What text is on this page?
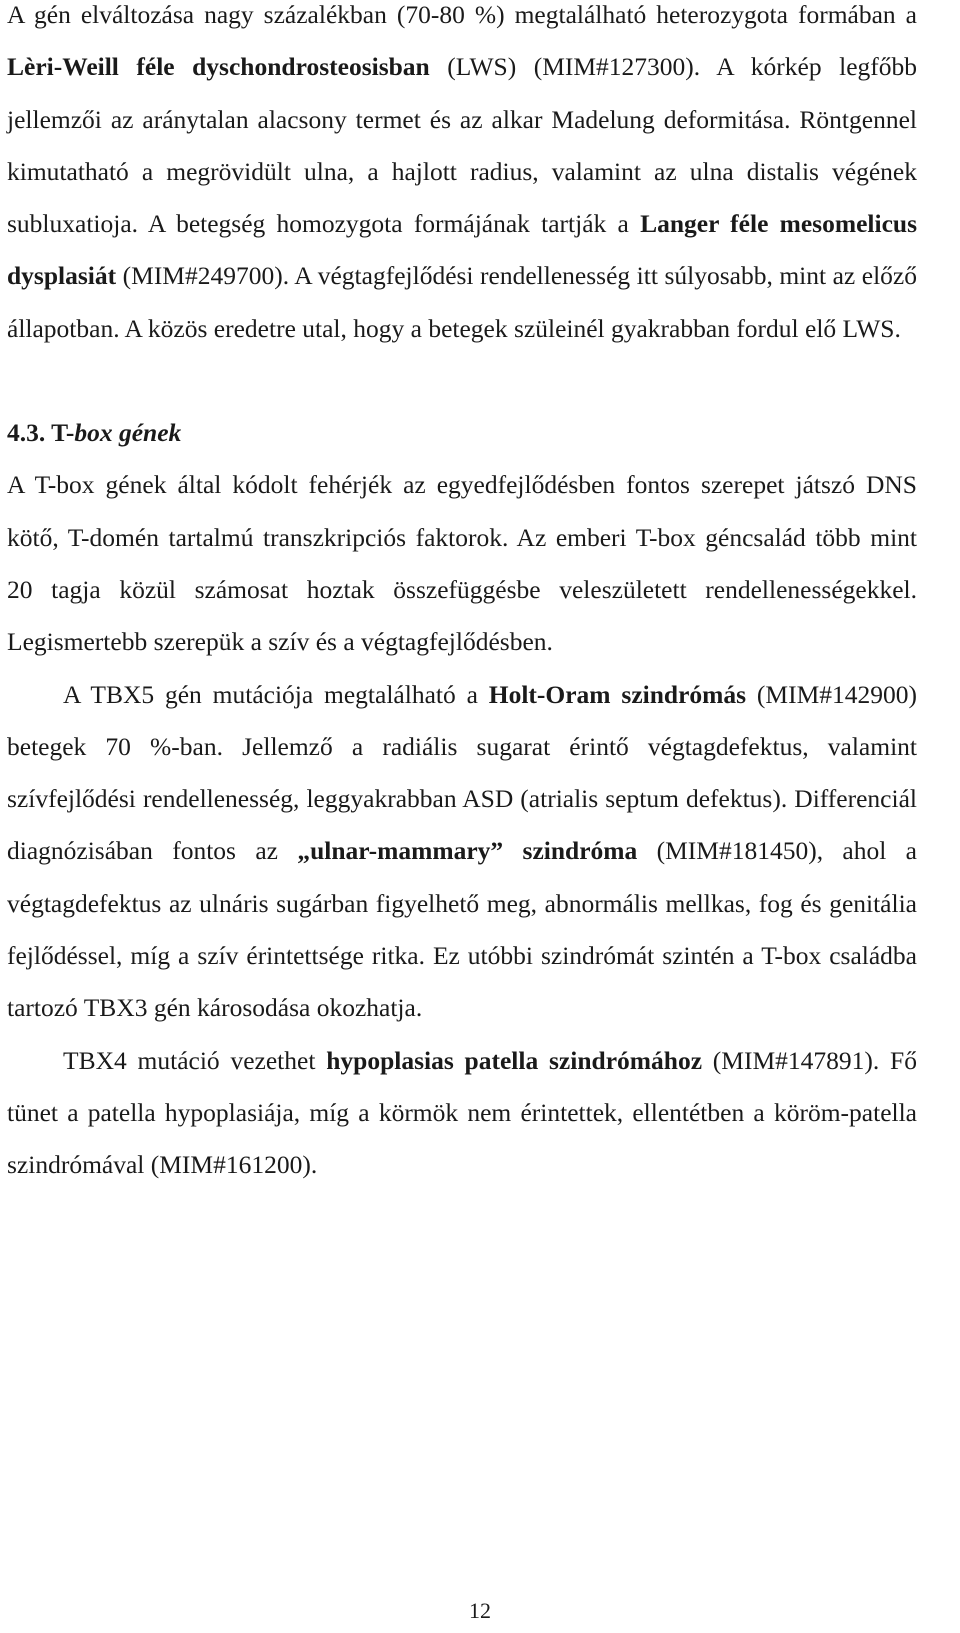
A gén elváltozása nagy százalékban (70-80 %) megtalálható heterozygota formában a Lèri-Weill féle dyschondrosteosisban (LWS) (MIM#127300). A kórkép legfőbb jellemzői az aránytalan alacsony termet és az alkar Madelung deformitása. Röntgennel kimutatható a megrövidült ulna, a hajlott radius, valamint az ulna distalis végének subluxatioja. A betegség homozygota formájának tartják a Langer féle mesomelicus dysplasiát (MIM#249700). A végtagfejlődési rendellenesség itt súlyosabb, mint az előző állapotban. A közös eredetre utal, hogy a betegek szüleinél gyakrabban fordul elő LWS.

4.3. T-box gének

A T-box gének által kódolt fehérjék az egyedfejlődésben fontos szerepet játszó DNS kötő, T-domén tartalmú transzkripciós faktorok. Az emberi T-box géncsalád több mint 20 tagja közül számosat hoztak összefüggésbe veleszületett rendellenességekkel. Legismertebb szerepük a szív és a végtagfejlődésben.

A TBX5 gén mutációja megtalálható a Holt-Oram szindrómás (MIM#142900) betegek 70 %-ban. Jellemző a radiális sugarat érintő végtagdefektus, valamint szívfejlődési rendellenesség, leggyakrabban ASD (atrialis septum defektus). Differenciál diagnózisában fontos az „ulnar-mammary” szindróma (MIM#181450), ahol a végtagdefektus az ulnáris sugárban figyelhető meg, abnormális mellkas, fog és genitália fejlődéssel, míg a szív érintettsége ritka. Ez utóbbi szindrómát szintén a T-box családba tartozó TBX3 gén károsodása okozhatja.

TBX4 mutáció vezethet hypoplasias patella szindrómához (MIM#147891). Fő tünet a patella hypoplasiája, míg a körmök nem érintettek, ellentétben a köröm-patella szindrómával (MIM#161200).

12
